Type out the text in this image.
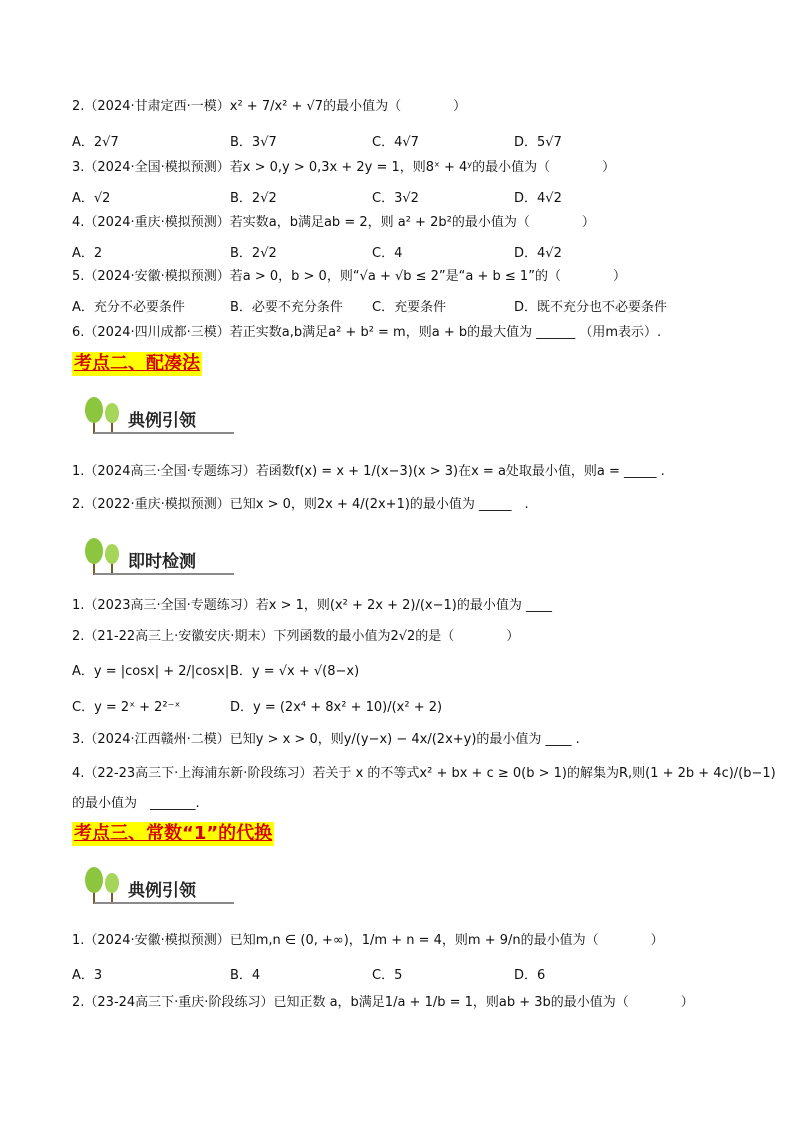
2.（2024·甘肃定西·一模）x² + 7/x² + √7的最小值为（　　　　）
A．2√7	B．3√7	C．4√7	D．5√7
3.（2024·全国·模拟预测）若x > 0,y > 0,3x + 2y = 1，则8ˣ + 4ʸ的最小值为（　　　　）
A．√2	B．2√2	C．3√2	D．4√2
4.（2024·重庆·模拟预测）若实数a，b满足ab = 2，则 a² + 2b²的最小值为（　　　　）
A．2	B．2√2	C．4	D．4√2
5.（2024·安徽·模拟预测）若a > 0，b > 0，则“√a + √b ≤ 2”是“a + b ≤ 1”的（　　　　）
A．充分不必要条件	B．必要不充分条件 C．充要条件	D．既不充分也不必要条件
6.（2024·四川成都·三模）若正实数a,b满足a² + b² = m，则a + b的最大值为 ______ （用m表示）.
考点二、配凑法
典例引领
1.（2024高三·全国·专题练习）若函数f(x) = x + 1/(x−3)(x > 3)在x = a处取最小值，则a = _____ .
2.（2022·重庆·模拟预测）已知x > 0，则2x + 4/(2x+1)的最小值为 _____　.
即时检测
1.（2023高三·全国·专题练习）若x > 1，则(x² + 2x + 2)/(x−1)的最小值为 ____
2.（21-22高三上·安徽安庆·期末）下列函数的最小值为2√2的是（　　　　）
A．y = |cosx| + 2/|cosx| B．y = √x + √(8−x)
C．y = 2ˣ + 2²⁻ˣ	D．y = (2x⁴ + 8x² + 10)/(x² + 2)
3.（2024·江西赣州·二模）已知y > x > 0，则y/(y−x) − 4x/(2x+y)的最小值为 ____ .
4.（22-23高三下·上海浦东新·阶段练习）若关于 x 的不等式x² + bx + c ≥ 0(b > 1)的解集为R,则(1 + 2b + 4c)/(b−1)
的最小值为　_______.
考点三、常数“1”的代换
典例引领
1.（2024·安徽·模拟预测）已知m,n ∈ (0, +∞)，1/m + n = 4，则m + 9/n的最小值为（　　　　）
A．3	B．4	C．5	D．6
2.（23-24高三下·重庆·阶段练习）已知正数 a，b满足1/a + 1/b = 1，则ab + 3b的最小值为（　　　　）
